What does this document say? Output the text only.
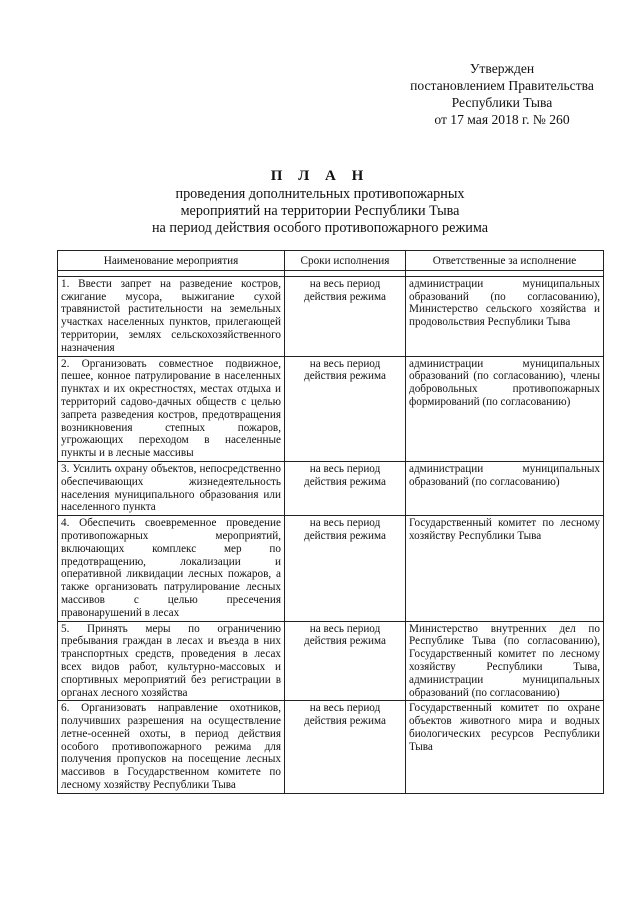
Утвержден
постановлением Правительства
Республики Тыва
от 17 мая 2018 г. № 260
П Л А Н
проведения дополнительных противопожарных
мероприятий на территории Республики Тыва
на период действия особого противопожарного режима
Наименование мероприятия	Сроки исполнения	Ответственные за исполнение

1. Ввести запрет на разведение костров, сжигание мусора, выжигание сухой травянистой растительности на земельных участках населенных пунктов, прилегающей территории, землях сельскохозяйственного назначения	на весь период действия режима	администрации муниципальных образований (по согласованию), Министерство сельского хозяйства и продовольствия Республики Тыва
2. Организовать совместное подвижное, пешее, конное патрулирование в населенных пунктах и их окрестностях, местах отдыха и территорий садово-дачных обществ с целью запрета разведения костров, предотвращения возникновения степных пожаров, угрожающих переходом в населенные пункты и в лесные массивы	на весь период действия режима	администрации муниципальных образований (по согласованию), члены добровольных противопожарных формирований (по согласованию)
3. Усилить охрану объектов, непосредственно обеспечивающих жизнедеятельность населения муниципального образования или населенного пункта	на весь период действия режима	администрации муниципальных образований (по согласованию)
4. Обеспечить своевременное проведение противопожарных мероприятий, включающих комплекс мер по предотвращению, локализации и оперативной ликвидации лесных пожаров, а также организовать патрулирование лесных массивов с целью пресечения правонарушений в лесах	на весь период действия режима	Государственный комитет по лесному хозяйству Республики Тыва
5. Принять меры по ограничению пребывания граждан в лесах и въезда в них транспортных средств, проведения в лесах всех видов работ, культурно-массовых и спортивных мероприятий без регистрации в органах лесного хозяйства	на весь период действия режима	Министерство внутренних дел по Республике Тыва (по согласованию), Государственный комитет по лесному хозяйству Республики Тыва, администрации муниципальных образований (по согласованию)
6. Организовать направление охотников, получивших разрешения на осуществление летне-осенней охоты, в период действия особого противопожарного режима для получения пропусков на посещение лесных массивов в Государственном комитете по лесному хозяйству Республики Тыва	на весь период действия режима	Государственный комитет по охране объектов животного мира и водных биологических ресурсов Республики Тыва
